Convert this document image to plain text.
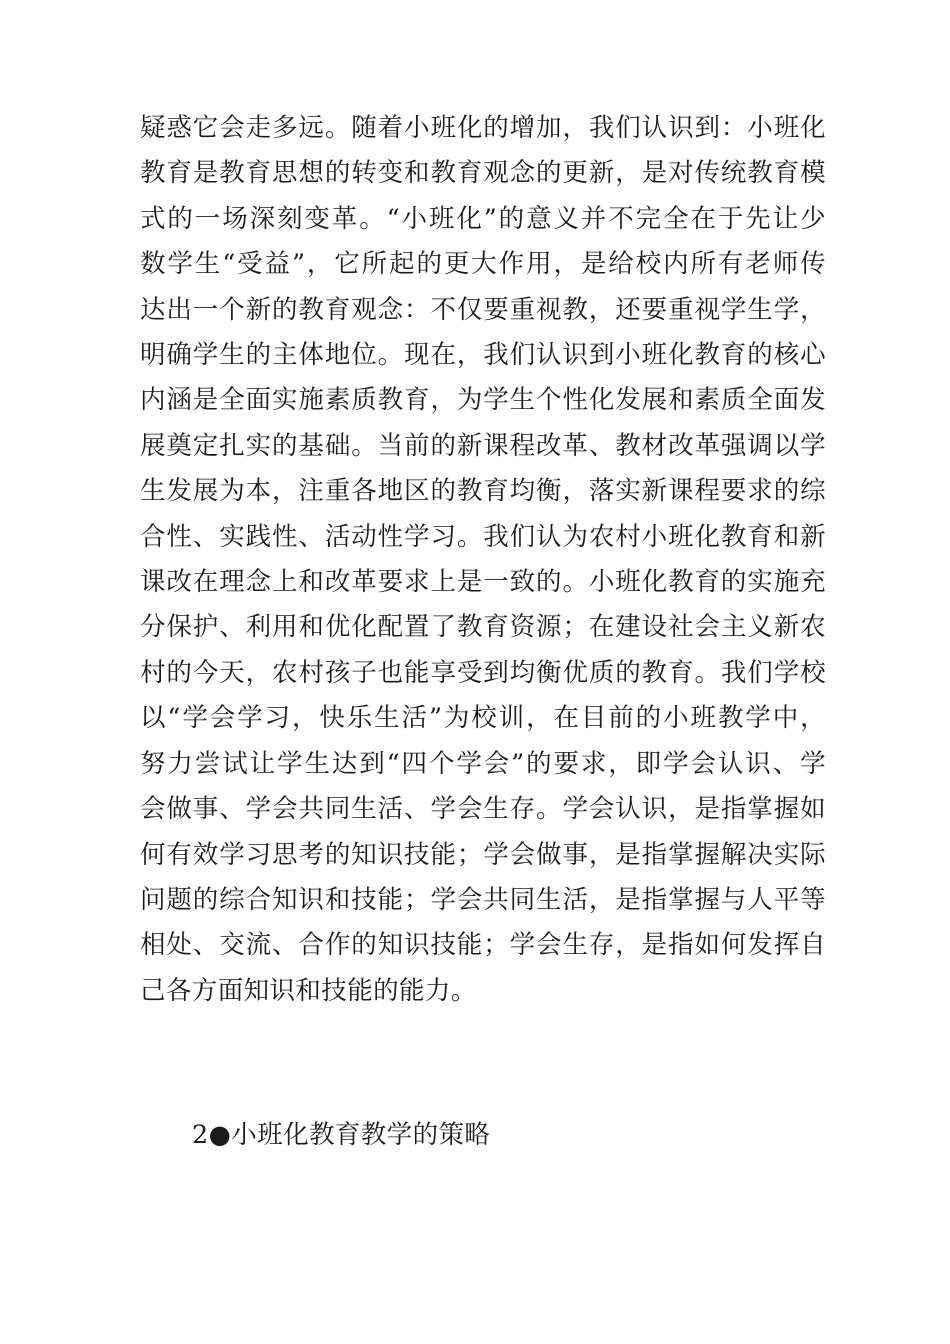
疑惑它会走多远。随着小班化的增加，我们认识到：小班化
教育是教育思想的转变和教育观念的更新，是对传统教育模
式的一场深刻变革。“小班化”的意义并不完全在于先让少
数学生“受益”，它所起的更大作用，是给校内所有老师传
达出一个新的教育观念：不仅要重视教，还要重视学生学，
明确学生的主体地位。现在，我们认识到小班化教育的核心
内涵是全面实施素质教育，为学生个性化发展和素质全面发
展奠定扎实的基础。当前的新课程改革、教材改革强调以学
生发展为本，注重各地区的教育均衡，落实新课程要求的综
合性、实践性、活动性学习。我们认为农村小班化教育和新
课改在理念上和改革要求上是一致的。小班化教育的实施充
分保护、利用和优化配置了教育资源；在建设社会主义新农
村的今天，农村孩子也能享受到均衡优质的教育。我们学校
以“学会学习，快乐生活”为校训，在目前的小班教学中，
努力尝试让学生达到“四个学会”的要求，即学会认识、学
会做事、学会共同生活、学会生存。学会认识，是指掌握如
何有效学习思考的知识技能；学会做事，是指掌握解决实际
问题的综合知识和技能；学会共同生活，是指掌握与人平等
相处、交流、合作的知识技能；学会生存，是指如何发挥自
己各方面知识和技能的能力。
2●小班化教育教学的策略
